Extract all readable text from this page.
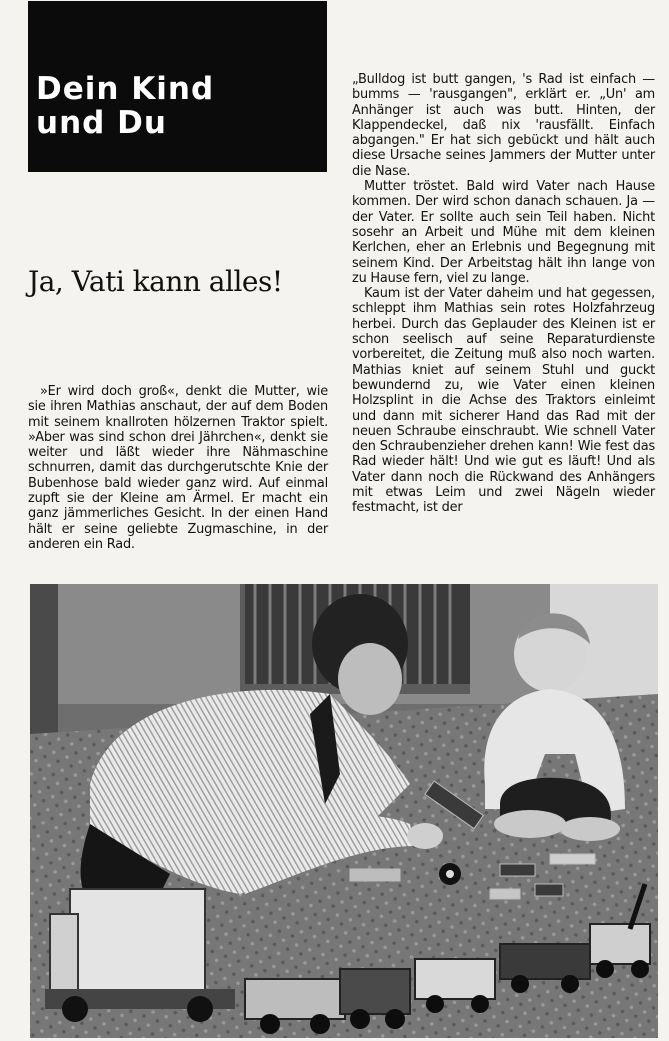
Dein Kind
und Du
Ja, Vati kann alles!

»Er wird doch groß«, denkt die Mutter, wie sie ihren Mathias anschaut, der auf dem Boden mit seinem knallroten hölzernen Traktor spielt. »Aber was sind schon drei Jährchen«, denkt sie weiter und läßt wieder ihre Nähmaschine schnurren, damit das durchgerutschte Knie der Bubenhose bald wieder ganz wird. Auf einmal zupft sie der Kleine am Ärmel. Er macht ein ganz jämmerliches Gesicht. In der einen Hand hält er seine geliebte Zugmaschine, in der anderen ein Rad.

„Bulldog ist butt gangen, 's Rad ist einfach — bumms — 'rausgangen", erklärt er. „Un' am Anhänger ist auch was butt. Hinten, der Klappendeckel, daß nix 'rausfällt. Einfach abgangen." Er hat sich gebückt und hält auch diese Ursache seines Jammers der Mutter unter die Nase.

Mutter tröstet. Bald wird Vater nach Hause kommen. Der wird schon danach schauen. Ja — der Vater. Er sollte auch sein Teil haben. Nicht sosehr an Arbeit und Mühe mit dem kleinen Kerlchen, eher an Erlebnis und Begegnung mit seinem Kind. Der Arbeitstag hält ihn lange von zu Hause fern, viel zu lange.

Kaum ist der Vater daheim und hat gegessen, schleppt ihm Mathias sein rotes Holzfahrzeug herbei. Durch das Geplauder des Kleinen ist er schon seelisch auf seine Reparaturdienste vorbereitet, die Zeitung muß also noch warten. Mathias kniet auf seinem Stuhl und guckt bewundernd zu, wie Vater einen kleinen Holzsplint in die Achse des Traktors einleimt und dann mit sicherer Hand das Rad mit der neuen Schraube einschraubt. Wie schnell Vater den Schraubenzieher drehen kann! Wie fest das Rad wieder hält! Und wie gut es läuft! Und als Vater dann noch die Rückwand des Anhängers mit etwas Leim und zwei Nägeln wieder festmacht, ist der
